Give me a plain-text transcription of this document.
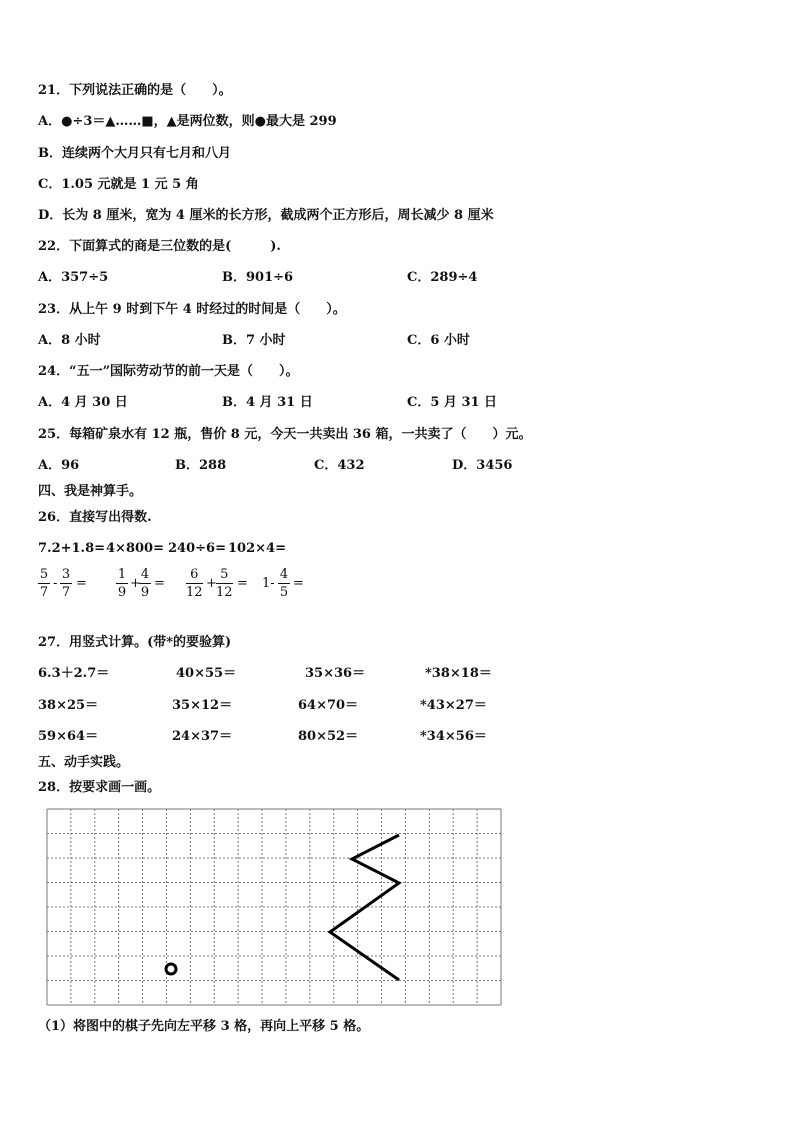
21．下列说法正确的是（　　）。
A．●÷3＝▲……■，▲是两位数，则●最大是 299
B．连续两个大月只有七月和八月
C．1.05 元就是 1 元 5 角
D．长为 8 厘米，宽为 4 厘米的长方形，截成两个正方形后，周长减少 8 厘米
22．下面算式的商是三位数的是(　　　).
A．357÷5	B．901÷6	C．289÷4
23．从上午 9 时到下午 4 时经过的时间是（　　）。
A．8 小时	B．7 小时	C．6 小时
24．“五一”国际劳动节的前一天是（　　）。
A．4 月 30 日	B．4 月 31 日	C．5 月 31 日
25．每箱矿泉水有 12 瓶，售价 8 元，今天一共卖出 36 箱，一共卖了（　　）元。
A．96	B．288	C．432	D．3456
四、我是神算手。
26．直接写出得数.
7.2+1.8= 4×800= 240÷6= 102×4=
5
7
-
3
7
=
1
9
+
4
9
=
6
12
+
5
12
= 1-
4
5
=
27．用竖式计算。(带*的要验算)
6.3＋2.7＝	40×55＝	35×36＝	*38×18＝
38×25＝	35×12＝	64×70＝	*43×27＝
59×64＝	24×37＝	80×52＝	*34×56＝
五、动手实践。
28．按要求画一画。
（1）将图中的棋子先向左平移 3 格，再向上平移 5 格。
